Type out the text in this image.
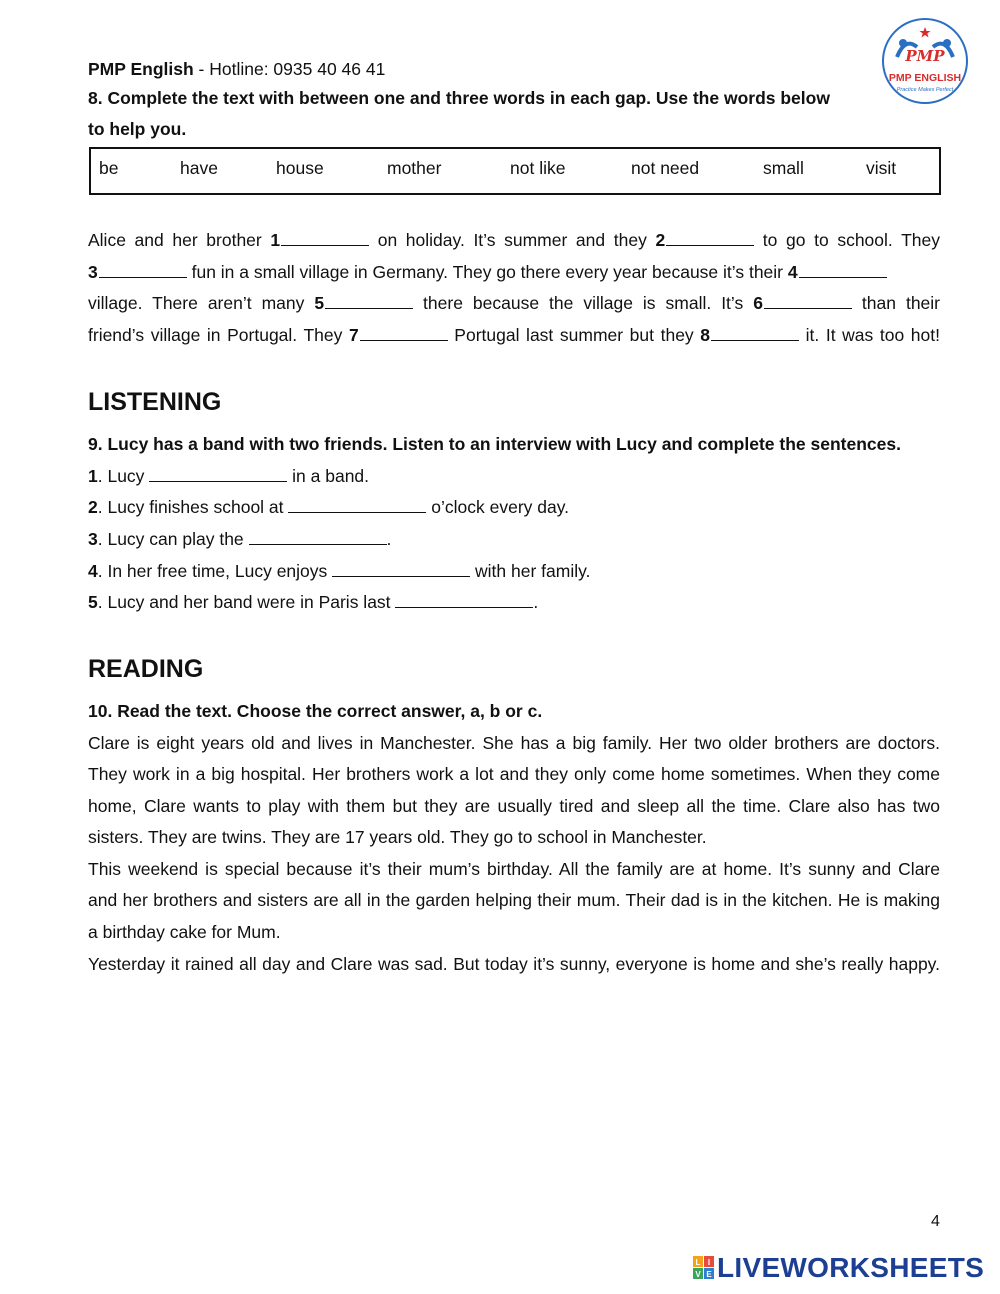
PMP English - Hotline: 0935 40 46 41
PMP
PMP ENGLISH
Practice Makes Perfect
8. Complete the text with between one and three words in each gap. Use the words below to help you.
be	have	house	mother	not like	not need	small	visit
Alice and her brother 1	on holiday. It’s summer and they 2	to go to school. They
3	fun in a small village in Germany. They go there every year because it’s their 4
village. There aren’t many 5	there because the village is small. It’s 6	than their
friend’s village in Portugal. They 7	Portugal last summer but they 8	it. It was too hot!
LISTENING
9. Lucy has a band with two friends. Listen to an interview with Lucy and complete the sentences.
1. Lucy	in a band.
2. Lucy finishes school at	o’clock every day.
3. Lucy can play the	.
4. In her free time, Lucy enjoys	with her family.
5. Lucy and her band were in Paris last	.
READING
10. Read the text. Choose the correct answer, a, b or c.
Clare is eight years old and lives in Manchester. She has a big family. Her two older brothers are doctors.
They work in a big hospital. Her brothers work a lot and they only come home sometimes. When they come
home, Clare wants to play with them but they are usually tired and sleep all the time. Clare also has two
sisters. They are twins. They are 17 years old. They go to school in Manchester.
This weekend is special because it’s their mum’s birthday. All the family are at home. It’s sunny and Clare
and her brothers and sisters are all in the garden helping their mum. Their dad is in the kitchen. He is making
a birthday cake for Mum.
Yesterday it rained all day and Clare was sad. But today it’s sunny, everyone is home and she’s really happy.
4
L I
V E LIVEWORKSHEETS
